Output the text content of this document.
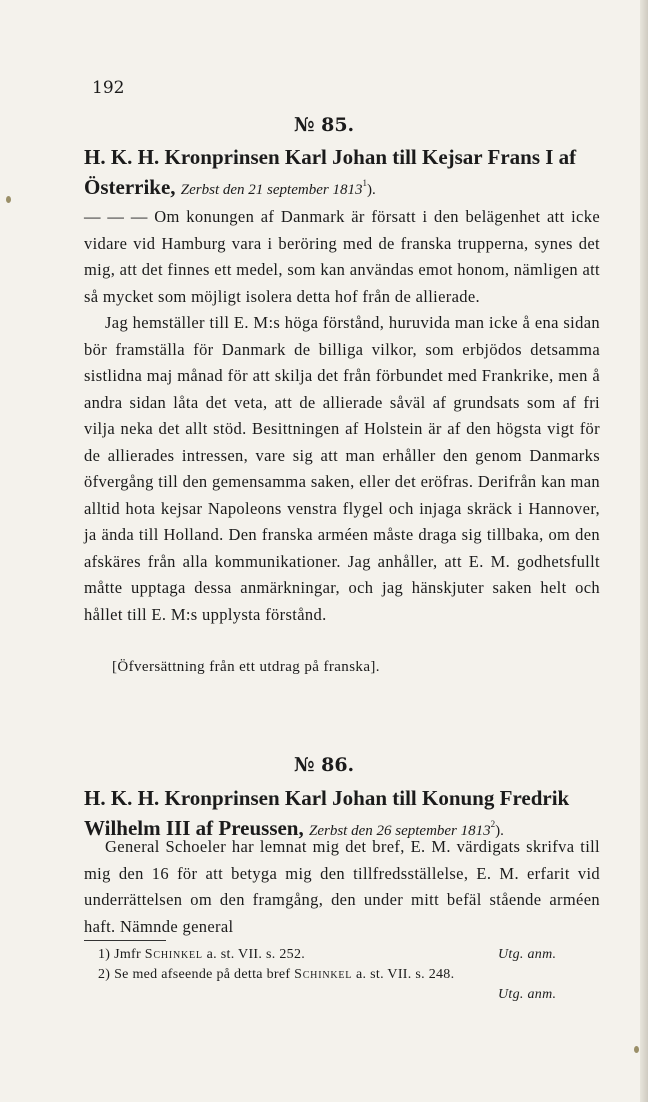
192
№ 85.
H. K. H. Kronprinsen Karl Johan till Kejsar Frans I af Österrike, Zerbst den 21 september 1813$^1$).

— — — Om konungen af Danmark är försatt i den belägenhet att icke vidare vid Hamburg vara i beröring med de franska trupperna, synes det mig, att det finnes ett medel, som kan användas emot honom, nämligen att så mycket som möjligt isolera detta hof från de allierade.

Jag hemställer till E. M:s höga förstånd, huruvida man icke å ena sidan bör framställa för Danmark de billiga vilkor, som erbjödos detsamma sistlidna maj månad för att skilja det från förbundet med Frankrike, men å andra sidan låta det veta, att de allierade såväl af grundsats som af fri vilja neka det allt stöd. Besittningen af Holstein är af den högsta vigt för de allierades intressen, vare sig att man erhåller den genom Danmarks öfvergång till den gemensamma saken, eller det eröfras. Derifrån kan man alltid hota kejsar Napoleons venstra flygel och injaga skräck i Hannover, ja ända till Holland. Den franska arméen måste draga sig tillbaka, om den afskäres från alla kommunikationer. Jag anhåller, att E. M. godhetsfullt måtte upptaga dessa anmärkningar, och jag hänskjuter saken helt och hållet till E. M:s upplysta förstånd.

[Öfversättning från ett utdrag på franska].
№ 86.
H. K. H. Kronprinsen Karl Johan till Konung Fredrik Wilhelm III af Preussen, Zerbst den 26 september 1813$^2$).

General Schoeler har lemnat mig det bref, E. M. värdigats skrifva till mig den 16 för att betyga mig den tillfredsställelse, E. M. erfarit vid underrättelsen om den framgång, den under mitt befäl stående arméen haft. Nämnde general

1) Jmfr Schinkel a. st. VII. s. 252.	Utg. anm.
2) Se med afseende på detta bref Schinkel a. st. VII. s. 248.
Utg. anm.
